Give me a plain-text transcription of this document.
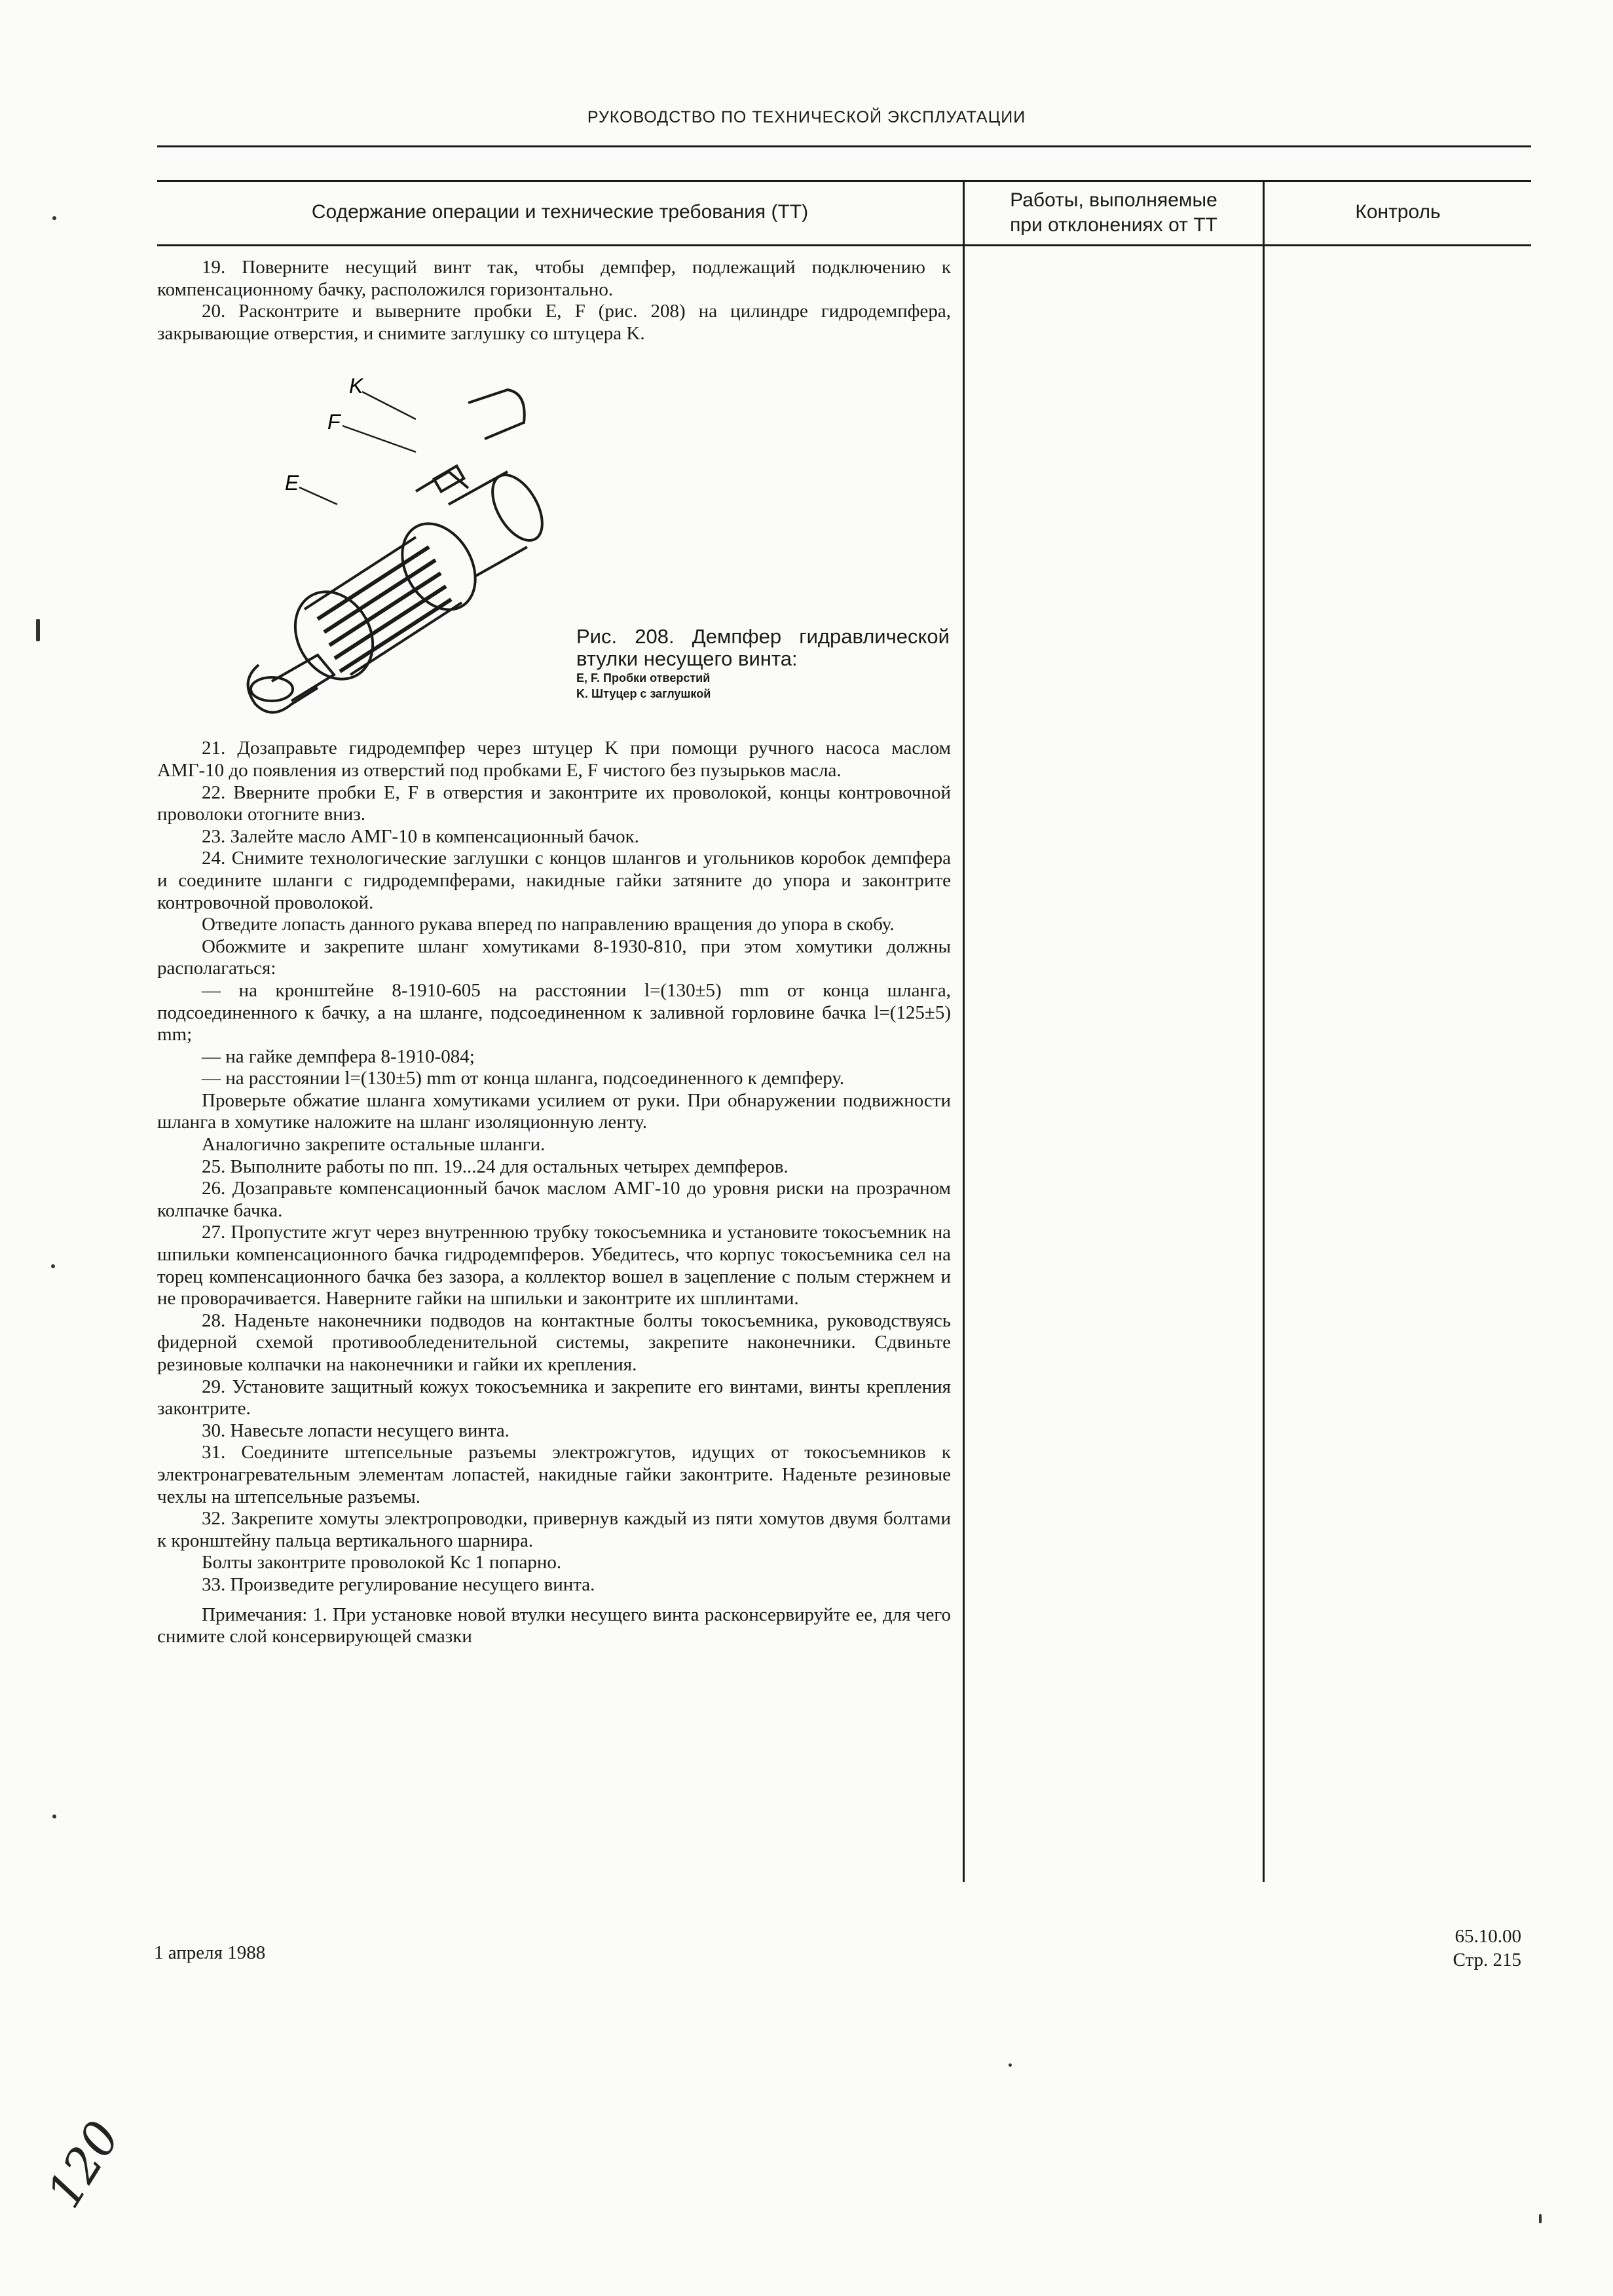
РУКОВОДСТВО ПО ТЕХНИЧЕСКОЙ ЭКСПЛУАТАЦИИ
Содержание операции и технические требования (ТТ)
Работы, выполняемые
при отклонениях от ТТ
Контроль

19. Поверните несущий винт так, чтобы демпфер, подлежащий подключению к компенсационному бачку, расположился горизонтально.

20. Расконтрите и выверните пробки E, F (рис. 208) на цилиндре гидродемпфера, закрывающие отверстия, и снимите заглушку со штуцера K.

21. Дозаправьте гидродемпфер через штуцер K при помощи ручного насоса маслом АМГ-10 до появления из отверстий под пробками E, F чистого без пузырьков масла.

22. Вверните пробки E, F в отверстия и законтрите их проволокой, концы контровочной проволоки отогните вниз.

23. Залейте масло АМГ-10 в компенсационный бачок.

24. Снимите технологические заглушки с концов шлангов и угольников коробок демпфера и соедините шланги с гидродемпферами, накидные гайки затяните до упора и законтрите контровочной проволокой.

Отведите лопасть данного рукава вперед по направлению вращения до упора в скобу.

Обожмите и закрепите шланг хомутиками 8-1930-810, при этом хомутики должны располагаться:

— на кронштейне 8-1910-605 на расстоянии l=(130±5) mm от конца шланга, подсоединенного к бачку, а на шланге, подсоединенном к заливной горловине бачка l=(125±5) mm;

— на гайке демпфера 8-1910-084;

— на расстоянии l=(130±5) mm от конца шланга, подсоединенного к демпферу.

Проверьте обжатие шланга хомутиками усилием от руки. При обнаружении подвижности шланга в хомутике наложите на шланг изоляционную ленту.

Аналогично закрепите остальные шланги.

25. Выполните работы по пп. 19...24 для остальных четырех демпферов.

26. Дозаправьте компенсационный бачок маслом АМГ-10 до уровня риски на прозрачном колпачке бачка.

27. Пропустите жгут через внутреннюю трубку токосъемника и установите токосъемник на шпильки компенсационного бачка гидродемпферов. Убедитесь, что корпус токосъемника сел на торец компенсационного бачка без зазора, а коллектор вошел в зацепление с полым стержнем и не проворачивается. Наверните гайки на шпильки и законтрите их шплинтами.

28. Наденьте наконечники подводов на контактные болты токосъемника, руководствуясь фидерной схемой противообледенительной системы, закрепите наконечники. Сдвиньте резиновые колпачки на наконечники и гайки их крепления.

29. Установите защитный кожух токосъемника и закрепите его винтами, винты крепления законтрите.

30. Навесьте лопасти несущего винта.

31. Соедините штепсельные разъемы электрожгутов, идущих от токосъемников к электронагревательным элементам лопастей, накидные гайки законтрите. Наденьте резиновые чехлы на штепсельные разъемы.

32. Закрепите хомуты электропроводки, привернув каждый из пяти хомутов двумя болтами к кронштейну пальца вертикального шарнира.

Болты законтрите проволокой Кс 1 попарно.

33. Произведите регулирование несущего винта.

Примечания: 1. При установке новой втулки несущего винта расконсервируйте ее, для чего снимите слой консервирующей смазки

K
F
E
Рис. 208. Демпфер гидравлической втулки несущего винта:
E, F. Пробки отверстий
K. Штуцер с заглушкой
1 апреля 1988
65.10.00
Стр. 215
120
